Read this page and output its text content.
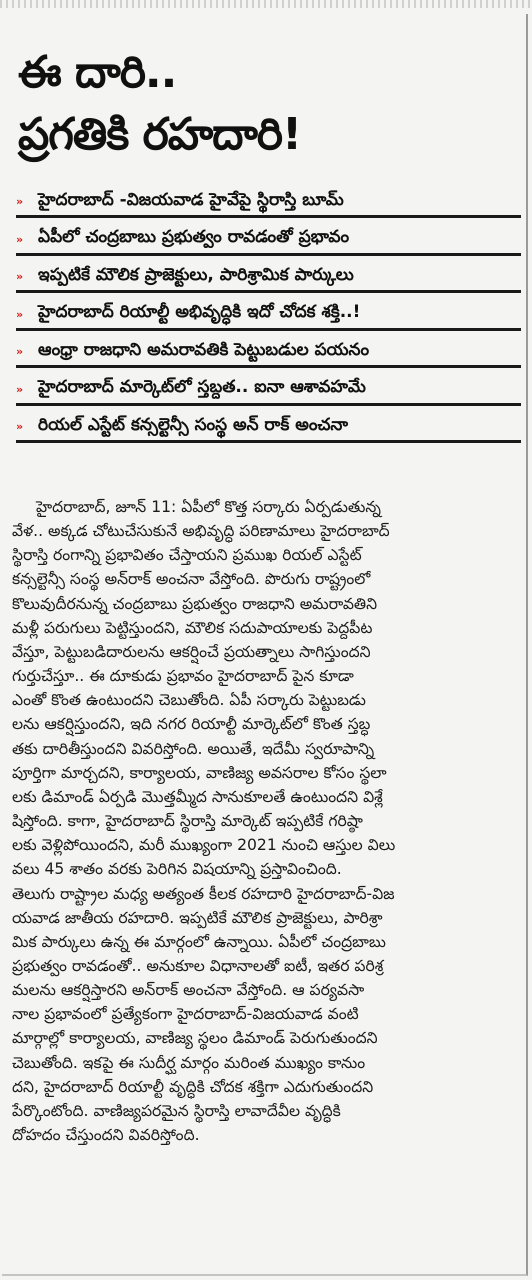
ఈ దారి..
ప్రగతికి రహదారి!
» హైదరాబాద్ -విజయవాడ హైవేపై స్థిరాస్తి బూమ్
» ఏపీలో చంద్రబాబు ప్రభుత్వం రావడంతో ప్రభావం
» ఇప్పటికే మౌలిక ప్రాజెక్టులు, పారిశ్రామిక పార్కులు
» హైదరాబాద్ రియాల్టీ అభివృద్ధికి ఇదో చోదక శక్తి..!
» ఆంధ్రా రాజధాని అమరావతికి పెట్టుబడుల పయనం
» హైదరాబాద్ మార్కెట్‌లో స్తబ్దత.. ఐనా ఆశావహమే
» రియల్ ఎస్టేట్ కన్సల్టెన్సీ సంస్థ అన్ రాక్ అంచనా
హైదరాబాద్, జూన్ 11: ఏపీలో కొత్త సర్కారు ఏర్పడుతున్న
వేళ.. అక్కడ చోటుచేసుకునే అభివృద్ధి పరిణామాలు హైదరాబాద్
స్థిరాస్తి రంగాన్ని ప్రభావితం చేస్తాయని ప్రముఖ రియల్ ఎస్టేట్
కన్సల్టెన్సీ సంస్థ అన్‌రాక్ అంచనా వేస్తోంది. పొరుగు రాష్ట్రంలో
కొలువుదీరనున్న చంద్రబాబు ప్రభుత్వం రాజధాని అమరావతిని
మళ్లీ పరుగులు పెట్టిస్తుందని, మౌలిక సదుపాయాలకు పెద్దపీట
వేస్తూ, పెట్టుబడిదారులను ఆకర్షించే ప్రయత్నాలు సాగిస్తుందని
గుర్తుచేస్తూ.. ఈ దూకుడు ప్రభావం హైదరాబాద్ పైన కూడా
ఎంతో కొంత ఉంటుందని చెబుతోంది. ఏపీ సర్కారు పెట్టుబడు
లను ఆకర్షిస్తుందని, ఇది నగర రియాల్టీ మార్కెట్‌లో కొంత స్తబ్ధ
తకు దారితీస్తుందని వివరిస్తోంది. అయితే, ఇదేమీ స్వరూపాన్ని
పూర్తిగా మార్చదని, కార్యాలయ, వాణిజ్య అవసరాల కోసం స్థలా
లకు డిమాండ్ ఏర్పడి మొత్తమ్మీద సానుకూలతే ఉంటుందని విశ్లే
షిస్తోంది. కాగా, హైదరాబాద్ స్థిరాస్తి మార్కెట్ ఇప్పటికే గరిష్ఠా
లకు వెళ్లిపోయిందని, మరీ ముఖ్యంగా 2021 నుంచి ఆస్తుల విలు
వలు 45 శాతం వరకు పెరిగిన విషయాన్ని ప్రస్తావించింది.
తెలుగు రాష్ట్రాల మధ్య అత్యంత కీలక రహదారి హైదరాబాద్-విజ
యవాడ జాతీయ రహదారి. ఇప్పటికే మౌలిక ప్రాజెక్టులు, పారిశ్రా
మిక పార్కులు ఉన్న ఈ మార్గంలో ఉన్నాయి. ఏపీలో చంద్రబాబు
ప్రభుత్వం రావడంతో.. అనుకూల విధానాలతో ఐటీ, ఇతర పరిశ్ర
మలను ఆకర్షిస్తారని అన్‌రాక్ అంచనా వేస్తోంది. ఆ పర్యవసా
నాల ప్రభావంలో ప్రత్యేకంగా హైదరాబాద్-విజయవాడ వంటి
మార్గాల్లో కార్యాలయ, వాణిజ్య స్థలం డిమాండ్ పెరుగుతుందని
చెబుతోంది. ఇకపై ఈ సుదీర్ఘ మార్గం మరింత ముఖ్యం కానుం
దని, హైదరాబాద్ రియాల్టీ వృద్ధికి చోదక శక్తిగా ఎదుగుతుందని
పేర్కొంటోంది. వాణిజ్యపరమైన స్థిరాస్తి లావాదేవీల వృద్ధికి
దోహదం చేస్తుందని వివరిస్తోంది.
